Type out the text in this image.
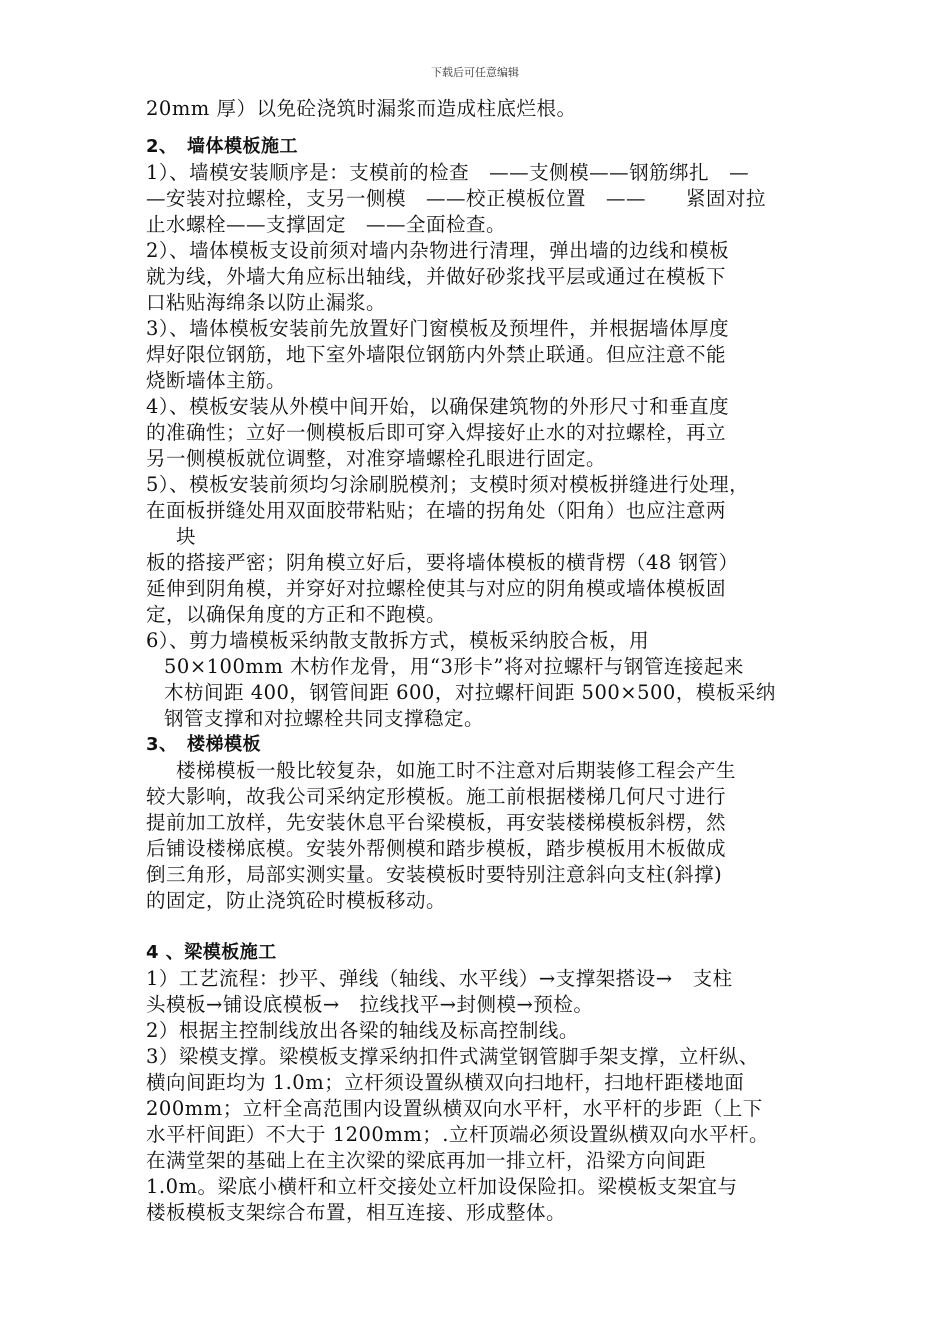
下载后可任意编辑
20mm 厚）以免砼浇筑时漏浆而造成柱底烂根。
2、　墙体模板施工
1）、墙模安装顺序是：支模前的检查　——支侧模——钢筋绑扎　—
—安装对拉螺栓，支另一侧模　——校正模板位置　——　　紧固对拉
止水螺栓——支撑固定　——全面检查。
2）、墙体模板支设前须对墙内杂物进行清理，弹出墙的边线和模板
就为线，外墙大角应标出轴线，并做好砂浆找平层或通过在模板下
口粘贴海绵条以防止漏浆。
3）、墙体模板安装前先放置好门窗模板及预埋件，并根据墙体厚度
焊好限位钢筋，地下室外墙限位钢筋内外禁止联通。但应注意不能
烧断墙体主筋。
4）、模板安装从外模中间开始，以确保建筑物的外形尺寸和垂直度
的准确性；立好一侧模板后即可穿入焊接好止水的对拉螺栓，再立
另一侧模板就位调整，对准穿墙螺栓孔眼进行固定。
5）、模板安装前须均匀涂刷脱模剂；支模时须对模板拼缝进行处理，
在面板拼缝处用双面胶带粘贴；在墙的拐角处（阳角）也应注意两
块
板的搭接严密；阴角模立好后，要将墙体模板的横背楞（48 钢管）
延伸到阴角模，并穿好对拉螺栓使其与对应的阴角模或墙体模板固
定，以确保角度的方正和不跑模。
6）、剪力墙模板采纳散支散拆方式，模板采纳胶合板，用
50×100mm 木枋作龙骨，用“3形卡”将对拉螺杆与钢管连接起来
木枋间距 400，钢管间距 600，对拉螺杆间距 500×500，模板采纳
钢管支撑和对拉螺栓共同支撑稳定。
3、　楼梯模板
楼梯模板一般比较复杂，如施工时不注意对后期装修工程会产生
较大影响，故我公司采纳定形模板。施工前根据楼梯几何尺寸进行
提前加工放样，先安装休息平台梁模板，再安装楼梯模板斜楞，然
后铺设楼梯底模。安装外帮侧模和踏步模板，踏步模板用木板做成
倒三角形，局部实测实量。安装模板时要特别注意斜向支柱(斜撑)
的固定，防止浇筑砼时模板移动。
4 、梁模板施工
1）工艺流程：抄平、弹线（轴线、水平线）→支撑架搭设→　支柱
头模板→铺设底模板→　拉线找平→封侧模→预检。
2）根据主控制线放出各梁的轴线及标高控制线。
3）梁模支撑。梁模板支撑采纳扣件式满堂钢管脚手架支撑，立杆纵、
横向间距均为 1.0m；立杆须设置纵横双向扫地杆，扫地杆距楼地面
200mm；立杆全高范围内设置纵横双向水平杆，水平杆的步距（上下
水平杆间距）不大于 1200mm；.立杆顶端必须设置纵横双向水平杆。
在满堂架的基础上在主次梁的梁底再加一排立杆，沿梁方向间距
1.0m。梁底小横杆和立杆交接处立杆加设保险扣。梁模板支架宜与
楼板模板支架综合布置，相互连接、形成整体。
